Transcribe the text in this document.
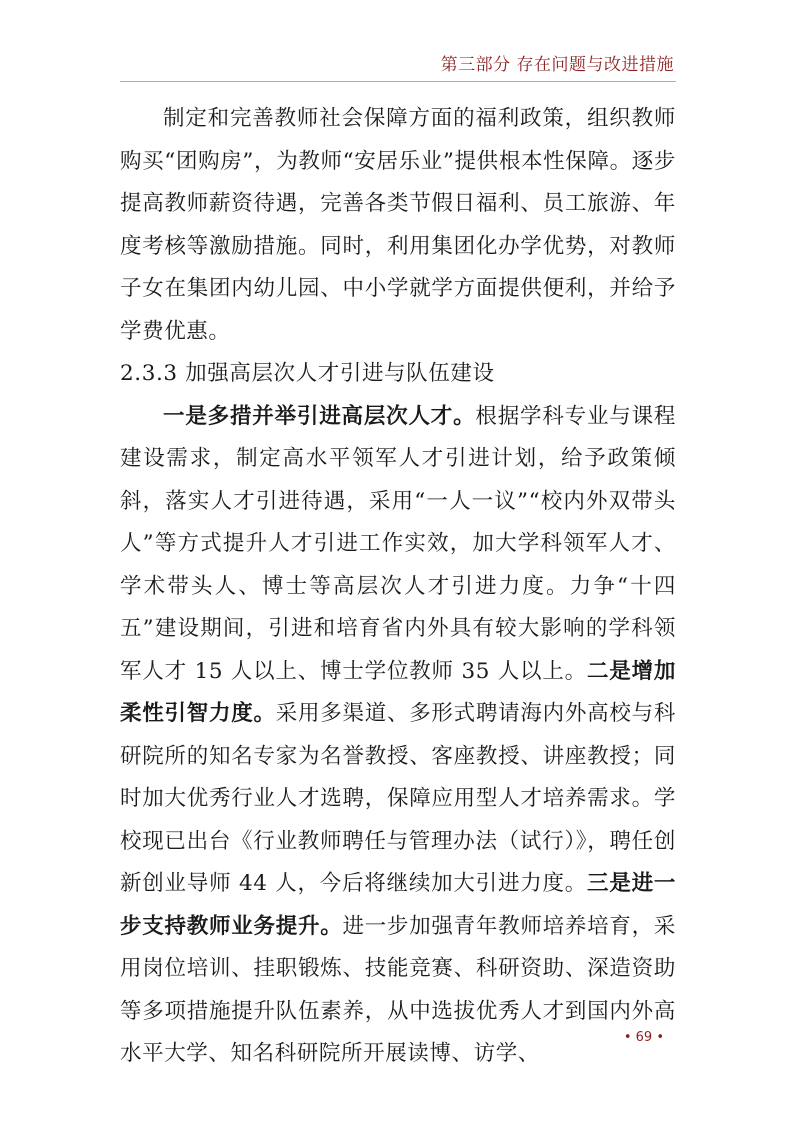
第三部分 存在问题与改进措施

制定和完善教师社会保障方面的福利政策，组织教师购买“团购房”，为教师“安居乐业”提供根本性保障。逐步提高教师薪资待遇，完善各类节假日福利、员工旅游、年度考核等激励措施。同时，利用集团化办学优势，对教师子女在集团内幼儿园、中小学就学方面提供便利，并给予学费优惠。

2.3.3 加强高层次人才引进与队伍建设

一是多措并举引进高层次人才。根据学科专业与课程建设需求，制定高水平领军人才引进计划，给予政策倾斜，落实人才引进待遇，采用“一人一议”“校内外双带头人”等方式提升人才引进工作实效，加大学科领军人才、学术带头人、博士等高层次人才引进力度。力争“十四五”建设期间，引进和培育省内外具有较大影响的学科领军人才 15 人以上、博士学位教师 35 人以上。二是增加柔性引智力度。采用多渠道、多形式聘请海内外高校与科研院所的知名专家为名誉教授、客座教授、讲座教授；同时加大优秀行业人才选聘，保障应用型人才培养需求。学校现已出台《行业教师聘任与管理办法（试行）》，聘任创新创业导师 44 人，今后将继续加大引进力度。三是进一步支持教师业务提升。进一步加强青年教师培养培育，采用岗位培训、挂职锻炼、技能竞赛、科研资助、深造资助等多项措施提升队伍素养，从中选拔优秀人才到国内外高水平大学、知名科研院所开展读博、访学、

• 69 •
